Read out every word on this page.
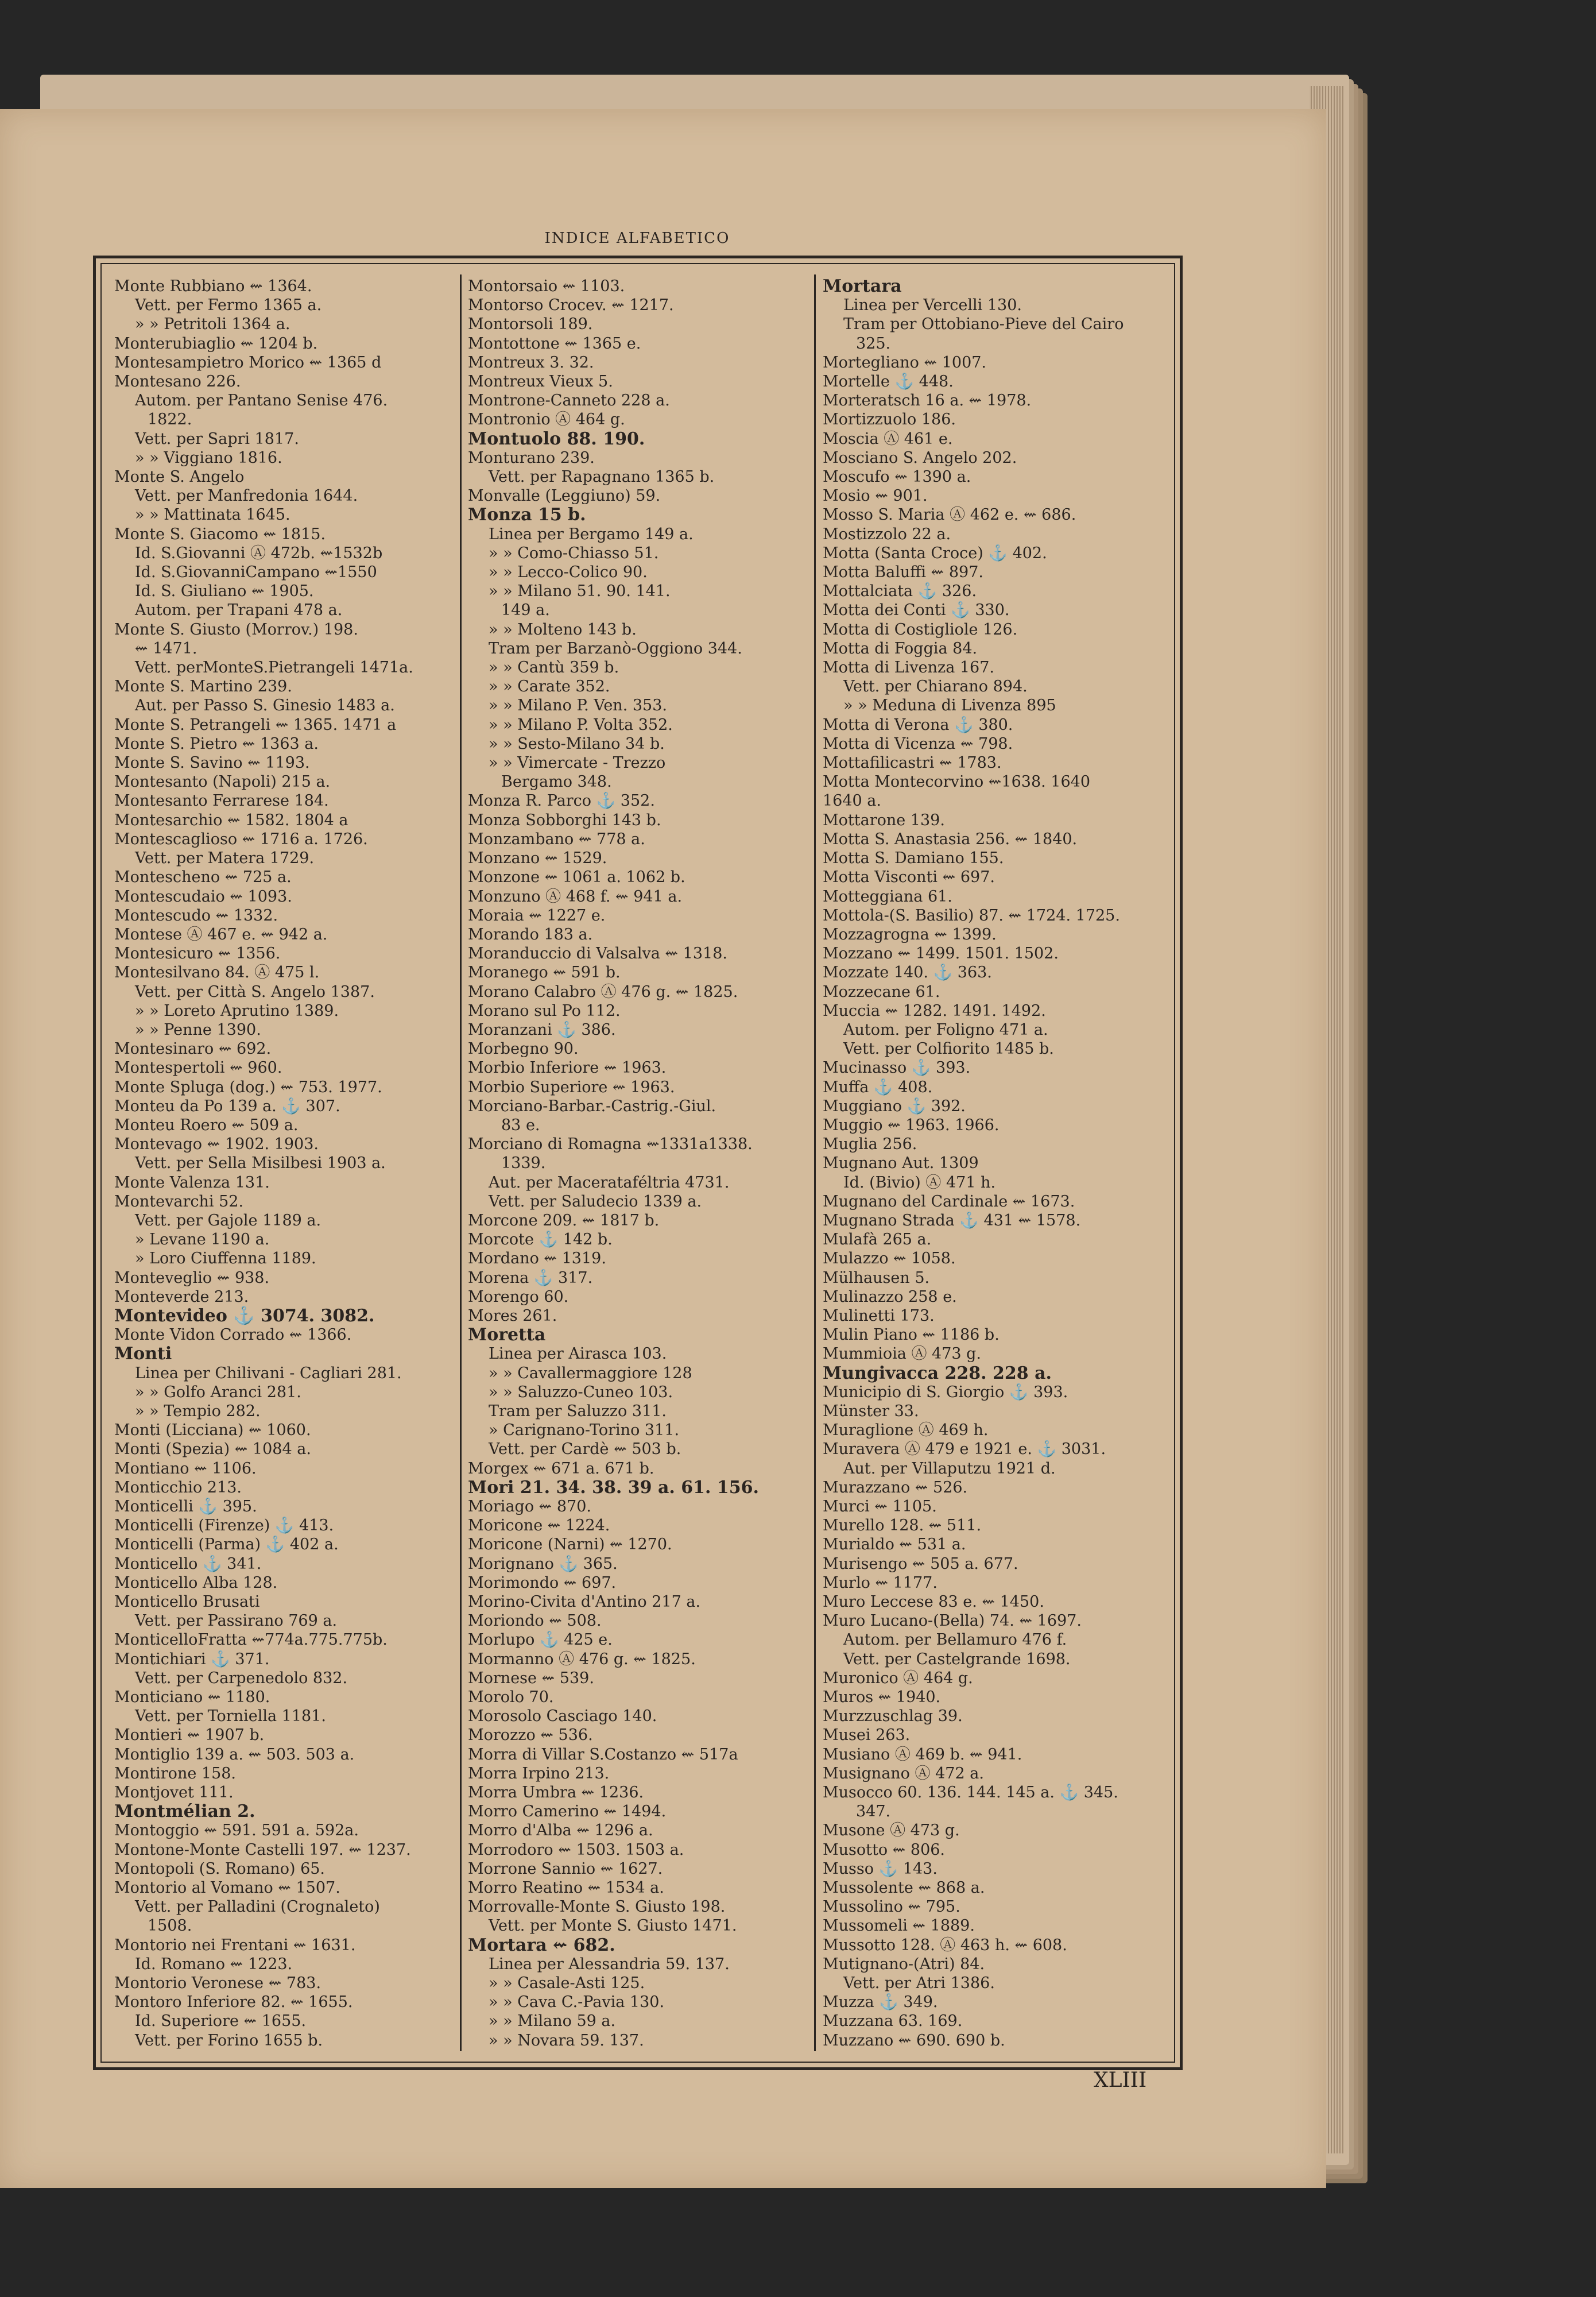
INDICE ALFABETICO
Monte Rubbiano ⇜ 1364.
Vett. per Fermo 1365 a.
» » Petritoli 1364 a.
Monterubiaglio ⇜ 1204 b.
Montesampietro Morico ⇜ 1365 d
Montesano 226.
Autom. per Pantano Senise 476.
1822.
Vett. per Sapri 1817.
» » Viggiano 1816.
Monte S. Angelo
Vett. per Manfredonia 1644.
» » Mattinata 1645.
Monte S. Giacomo ⇜ 1815.
Id. S.Giovanni Ⓐ 472b. ⇜1532b
Id. S.GiovanniCampano ⇜1550
Id. S. Giuliano ⇜ 1905.
Autom. per Trapani 478 a.
Monte S. Giusto (Morrov.) 198.
⇜ 1471.
Vett. perMonteS.Pietrangeli 1471a.
Monte S. Martino 239.
Aut. per Passo S. Ginesio 1483 a.
Monte S. Petrangeli ⇜ 1365. 1471 a
Monte S. Pietro ⇜ 1363 a.
Monte S. Savino ⇜ 1193.
Montesanto (Napoli) 215 a.
Montesanto Ferrarese 184.
Montesarchio ⇜ 1582. 1804 a
Montescaglioso ⇜ 1716 a. 1726.
Vett. per Matera 1729.
Montescheno ⇜ 725 a.
Montescudaio ⇜ 1093.
Montescudo ⇜ 1332.
Montese Ⓐ 467 e. ⇜ 942 a.
Montesicuro ⇜ 1356.
Montesilvano 84. Ⓐ 475 l.
Vett. per Città S. Angelo 1387.
» » Loreto Aprutino 1389.
» » Penne 1390.
Montesinaro ⇜ 692.
Montespertoli ⇜ 960.
Monte Spluga (dog.) ⇜ 753. 1977.
Monteu da Po 139 a. ⚓ 307.
Monteu Roero ⇜ 509 a.
Montevago ⇜ 1902. 1903.
Vett. per Sella Misilbesi 1903 a.
Monte Valenza 131.
Montevarchi 52.
Vett. per Gajole 1189 a.
» Levane 1190 a.
» Loro Ciuffenna 1189.
Monteveglio ⇜ 938.
Monteverde 213.
Montevideo ⚓ 3074. 3082.
Monte Vidon Corrado ⇜ 1366.
Monti
Linea per Chilivani - Cagliari 281.
» » Golfo Aranci 281.
» » Tempio 282.
Monti (Licciana) ⇜ 1060.
Monti (Spezia) ⇜ 1084 a.
Montiano ⇜ 1106.
Monticchio 213.
Monticelli ⚓ 395.
Monticelli (Firenze) ⚓ 413.
Monticelli (Parma) ⚓ 402 a.
Monticello ⚓ 341.
Monticello Alba 128.
Monticello Brusati
Vett. per Passirano 769 a.
MonticelloFratta ⇜774a.775.775b.
Montichiari ⚓ 371.
Vett. per Carpenedolo 832.
Monticiano ⇜ 1180.
Vett. per Torniella 1181.
Montieri ⇜ 1907 b.
Montiglio 139 a. ⇜ 503. 503 a.
Montirone 158.
Montjovet 111.
Montmélian 2.
Montoggio ⇜ 591. 591 a. 592a.
Montone-Monte Castelli 197. ⇜ 1237.
Montopoli (S. Romano) 65.
Montorio al Vomano ⇜ 1507.
Vett. per Palladini (Crognaleto)
1508.
Montorio nei Frentani ⇜ 1631.
Id. Romano ⇜ 1223.
Montorio Veronese ⇜ 783.
Montoro Inferiore 82. ⇜ 1655.
Id. Superiore ⇜ 1655.
Vett. per Forino 1655 b.
Montorsaio ⇜ 1103.
Montorso Crocev. ⇜ 1217.
Montorsoli 189.
Montottone ⇜ 1365 e.
Montreux 3. 32.
Montreux Vieux 5.
Montrone-Canneto 228 a.
Montronio Ⓐ 464 g.
Montuolo 88. 190.
Monturano 239.
Vett. per Rapagnano 1365 b.
Monvalle (Leggiuno) 59.
Monza 15 b.
Linea per Bergamo 149 a.
» » Como-Chiasso 51.
» » Lecco-Colico 90.
» » Milano 51. 90. 141.
149 a.
» » Molteno 143 b.
Tram per Barzanò-Oggiono 344.
» » Cantù 359 b.
» » Carate 352.
» » Milano P. Ven. 353.
» » Milano P. Volta 352.
» » Sesto-Milano 34 b.
» » Vimercate - Trezzo
Bergamo 348.
Monza R. Parco ⚓ 352.
Monza Sobborghi 143 b.
Monzambano ⇜ 778 a.
Monzano ⇜ 1529.
Monzone ⇜ 1061 a. 1062 b.
Monzuno Ⓐ 468 f. ⇜ 941 a.
Moraia ⇜ 1227 e.
Morando 183 a.
Moranduccio di Valsalva ⇜ 1318.
Moranego ⇜ 591 b.
Morano Calabro Ⓐ 476 g. ⇜ 1825.
Morano sul Po 112.
Moranzani ⚓ 386.
Morbegno 90.
Morbio Inferiore ⇜ 1963.
Morbio Superiore ⇜ 1963.
Morciano-Barbar.-Castrig.-Giul.
83 e.
Morciano di Romagna ⇜1331a1338.
1339.
Aut. per Macerataféltria 4731.
Vett. per Saludecio 1339 a.
Morcone 209. ⇜ 1817 b.
Morcote ⚓ 142 b.
Mordano ⇜ 1319.
Morena ⚓ 317.
Morengo 60.
Mores 261.
Moretta
Linea per Airasca 103.
» » Cavallermaggiore 128
» » Saluzzo-Cuneo 103.
Tram per Saluzzo 311.
» Carignano-Torino 311.
Vett. per Cardè ⇜ 503 b.
Morgex ⇜ 671 a. 671 b.
Mori 21. 34. 38. 39 a. 61. 156.
Moriago ⇜ 870.
Moricone ⇜ 1224.
Moricone (Narni) ⇜ 1270.
Morignano ⚓ 365.
Morimondo ⇜ 697.
Morino-Civita d'Antino 217 a.
Moriondo ⇜ 508.
Morlupo ⚓ 425 e.
Mormanno Ⓐ 476 g. ⇜ 1825.
Mornese ⇜ 539.
Morolo 70.
Morosolo Casciago 140.
Morozzo ⇜ 536.
Morra di Villar S.Costanzo ⇜ 517a
Morra Irpino 213.
Morra Umbra ⇜ 1236.
Morro Camerino ⇜ 1494.
Morro d'Alba ⇜ 1296 a.
Morrodoro ⇜ 1503. 1503 a.
Morrone Sannio ⇜ 1627.
Morro Reatino ⇜ 1534 a.
Morrovalle-Monte S. Giusto 198.
Vett. per Monte S. Giusto 1471.
Mortara ⇜ 682.
Linea per Alessandria 59. 137.
» » Casale-Asti 125.
» » Cava C.-Pavia 130.
» » Milano 59 a.
» » Novara 59. 137.
Mortara
Linea per Vercelli 130.
Tram per Ottobiano-Pieve del Cairo
325.
Mortegliano ⇜ 1007.
Mortelle ⚓ 448.
Morteratsch 16 a. ⇜ 1978.
Mortizzuolo 186.
Moscia Ⓐ 461 e.
Mosciano S. Angelo 202.
Moscufo ⇜ 1390 a.
Mosio ⇜ 901.
Mosso S. Maria Ⓐ 462 e. ⇜ 686.
Mostizzolo 22 a.
Motta (Santa Croce) ⚓ 402.
Motta Baluffi ⇜ 897.
Mottalciata ⚓ 326.
Motta dei Conti ⚓ 330.
Motta di Costigliole 126.
Motta di Foggia 84.
Motta di Livenza 167.
Vett. per Chiarano 894.
» » Meduna di Livenza 895
Motta di Verona ⚓ 380.
Motta di Vicenza ⇜ 798.
Mottafilicastri ⇜ 1783.
Motta Montecorvino ⇜1638. 1640
1640 a.
Mottarone 139.
Motta S. Anastasia 256. ⇜ 1840.
Motta S. Damiano 155.
Motta Visconti ⇜ 697.
Motteggiana 61.
Mottola-(S. Basilio) 87. ⇜ 1724. 1725.
Mozzagrogna ⇜ 1399.
Mozzano ⇜ 1499. 1501. 1502.
Mozzate 140. ⚓ 363.
Mozzecane 61.
Muccia ⇜ 1282. 1491. 1492.
Autom. per Foligno 471 a.
Vett. per Colfiorito 1485 b.
Mucinasso ⚓ 393.
Muffa ⚓ 408.
Muggiano ⚓ 392.
Muggio ⇜ 1963. 1966.
Muglia 256.
Mugnano Aut. 1309
Id. (Bivio) Ⓐ 471 h.
Mugnano del Cardinale ⇜ 1673.
Mugnano Strada ⚓ 431 ⇜ 1578.
Mulafà 265 a.
Mulazzo ⇜ 1058.
Mülhausen 5.
Mulinazzo 258 e.
Mulinetti 173.
Mulin Piano ⇜ 1186 b.
Mummioia Ⓐ 473 g.
Mungivacca 228. 228 a.
Municipio di S. Giorgio ⚓ 393.
Münster 33.
Muraglione Ⓐ 469 h.
Muravera Ⓐ 479 e 1921 e. ⚓ 3031.
Aut. per Villaputzu 1921 d.
Murazzano ⇜ 526.
Murci ⇜ 1105.
Murello 128. ⇜ 511.
Murialdo ⇜ 531 a.
Murisengo ⇜ 505 a. 677.
Murlo ⇜ 1177.
Muro Leccese 83 e. ⇜ 1450.
Muro Lucano-(Bella) 74. ⇜ 1697.
Autom. per Bellamuro 476 f.
Vett. per Castelgrande 1698.
Muronico Ⓐ 464 g.
Muros ⇜ 1940.
Murzzuschlag 39.
Musei 263.
Musiano Ⓐ 469 b. ⇜ 941.
Musignano Ⓐ 472 a.
Musocco 60. 136. 144. 145 a. ⚓ 345.
347.
Musone Ⓐ 473 g.
Musotto ⇜ 806.
Musso ⚓ 143.
Mussolente ⇜ 868 a.
Mussolino ⇜ 795.
Mussomeli ⇜ 1889.
Mussotto 128. Ⓐ 463 h. ⇜ 608.
Mutignano-(Atri) 84.
Vett. per Atri 1386.
Muzza ⚓ 349.
Muzzana 63. 169.
Muzzano ⇜ 690. 690 b.
XLIII
